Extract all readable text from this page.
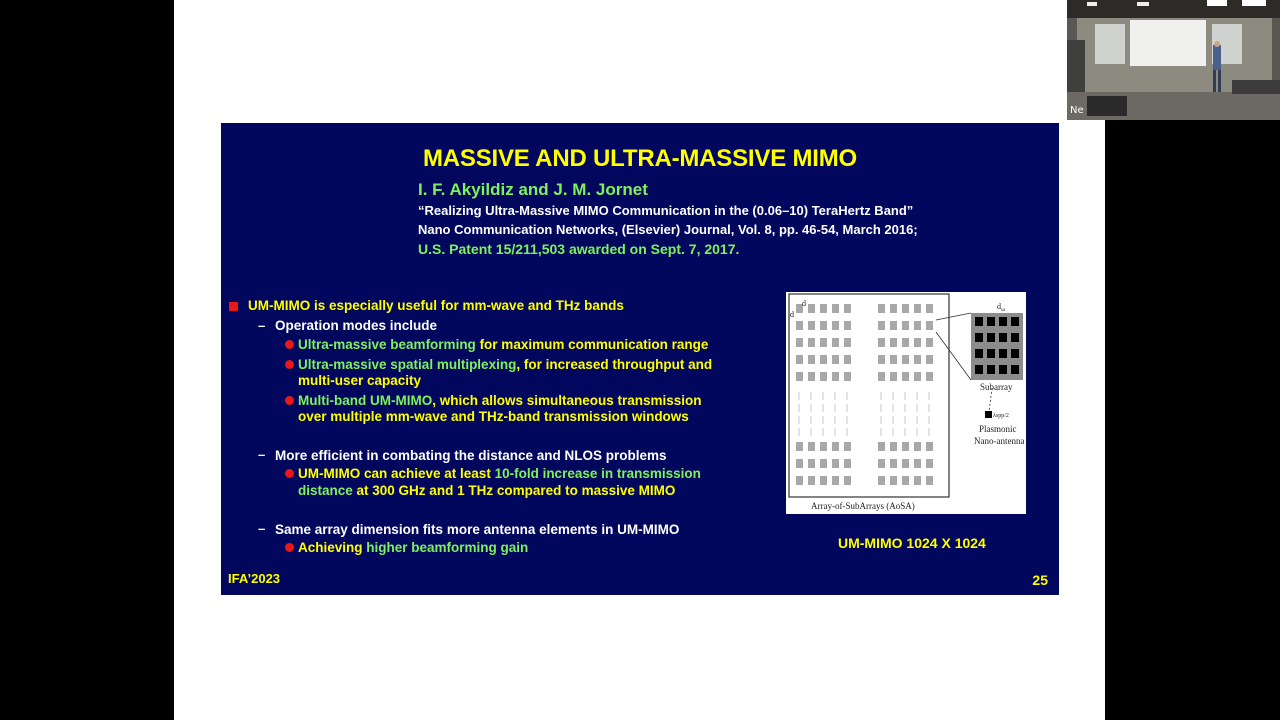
Ne
MASSIVE AND ULTRA-MASSIVE MIMO
I. F. Akyildiz and J. M. Jornet
“Realizing Ultra-Massive MIMO Communication in the (0.06–10) TeraHertz Band”
Nano Communication Networks, (Elsevier) Journal, Vol. 8, pp. 46-54, March 2016;
U.S. Patent 15/211,503 awarded on Sept. 7, 2017.
UM-MIMO is especially useful for mm-wave and THz bands
– Operation modes include
Ultra-massive beamforming for maximum communication range
Ultra-massive spatial multiplexing, for increased throughput and
multi-user capacity
Multi-band UM-MIMO, which allows simultaneous transmission
over multiple mm-wave and THz-band transmission windows
– More efficient in combating the distance and NLOS problems
UM-MIMO can achieve at least 10-fold increase in transmission
distance at 300 GHz and 1 THz compared to massive MIMO
– Same array dimension fits more antenna elements in UM-MIMO
Achieving higher beamforming gain
$d_{sa}$
Subarray
λspp/2
Plasmonic
Nano-antenna
Array-of-SubArrays (AoSA)
d
d
UM-MIMO 1024 X 1024
IFA’2023	25
